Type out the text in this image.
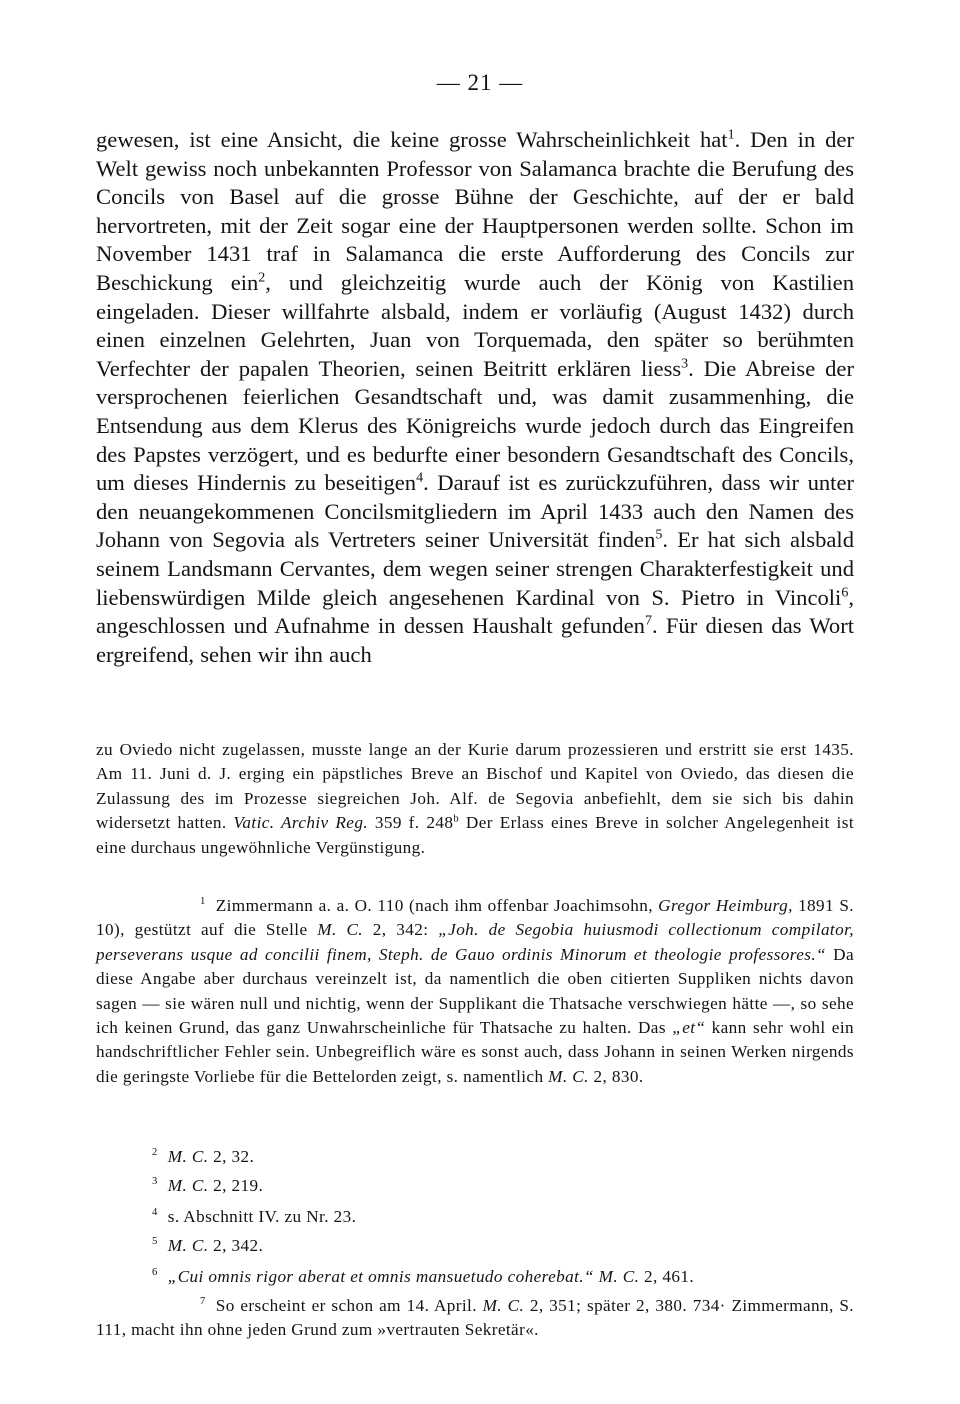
— 21 —

gewesen, ist eine Ansicht, die keine grosse Wahrscheinlichkeit hat$^1$. Den in der Welt gewiss noch unbekannten Professor von Salamanca brachte die Berufung des Concils von Basel auf die grosse Bühne der Geschichte, auf der er bald hervortreten, mit der Zeit sogar eine der Hauptpersonen werden sollte. Schon im November 1431 traf in Salamanca die erste Aufforderung des Concils zur Beschickung ein$^2$, und gleichzeitig wurde auch der König von Kastilien eingeladen. Dieser willfahrte alsbald, indem er vorläufig (August 1432) durch einen einzelnen Gelehrten, Juan von Torquemada, den später so berühmten Verfechter der papalen Theorien, seinen Beitritt erklären liess$^3$. Die Abreise der versprochenen feierlichen Gesandtschaft und, was damit zusammenhing, die Entsendung aus dem Klerus des Königreichs wurde jedoch durch das Eingreifen des Papstes verzögert, und es bedurfte einer besondern Gesandtschaft des Concils, um dieses Hindernis zu beseitigen$^4$. Darauf ist es zurückzuführen, dass wir unter den neuangekommenen Concilsmitgliedern im April 1433 auch den Namen des Johann von Segovia als Vertreters seiner Universität finden$^5$. Er hat sich alsbald seinem Landsmann Cervantes, dem wegen seiner strengen Charakterfestigkeit und liebenswürdigen Milde gleich angesehenen Kardinal von S. Pietro in Vincoli$^6$, angeschlossen und Aufnahme in dessen Haushalt gefunden$^7$. Für diesen das Wort ergreifend, sehen wir ihn auch

zu Oviedo nicht zugelassen, musste lange an der Kurie darum prozessieren und erstritt sie erst 1435. Am 11. Juni d. J. erging ein päpstliches Breve an Bischof und Kapitel von Oviedo, das diesen die Zulassung des im Prozesse siegreichen Joh. Alf. de Segovia anbefiehlt, dem sie sich bis dahin widersetzt hatten. Vatic. Archiv Reg. 359 f. 248$^b$ Der Erlass eines Breve in solcher Angelegenheit ist eine durchaus ungewöhnliche Vergünstigung.

1 Zimmermann a. a. O. 110 (nach ihm offenbar Joachimsohn, Gregor Heimburg, 1891 S. 10), gestützt auf die Stelle M. C. 2, 342: „Joh. de Segobia huiusmodi collectionum compilator, perseverans usque ad concilii finem, Steph. de Gauo ordinis Minorum et theologie professores.“ Da diese Angabe aber durchaus vereinzelt ist, da namentlich die oben citierten Suppliken nichts davon sagen — sie wären null und nichtig, wenn der Supplikant die Thatsache verschwiegen hätte —, so sehe ich keinen Grund, das ganz Unwahrscheinliche für Thatsache zu halten. Das „et“ kann sehr wohl ein handschriftlicher Fehler sein. Unbegreiflich wäre es sonst auch, dass Johann in seinen Werken nirgends die geringste Vorliebe für die Bettelorden zeigt, s. namentlich M. C. 2, 830.

2 M. C. 2, 32.

3 M. C. 2, 219.

4 s. Abschnitt IV. zu Nr. 23.

5 M. C. 2, 342.

6 „Cui omnis rigor aberat et omnis mansuetudo coherebat.“ M. C. 2, 461.

7 So erscheint er schon am 14. April. M. C. 2, 351; später 2, 380. 734· Zimmermann, S. 111, macht ihn ohne jeden Grund zum »vertrauten Sekretär«.
